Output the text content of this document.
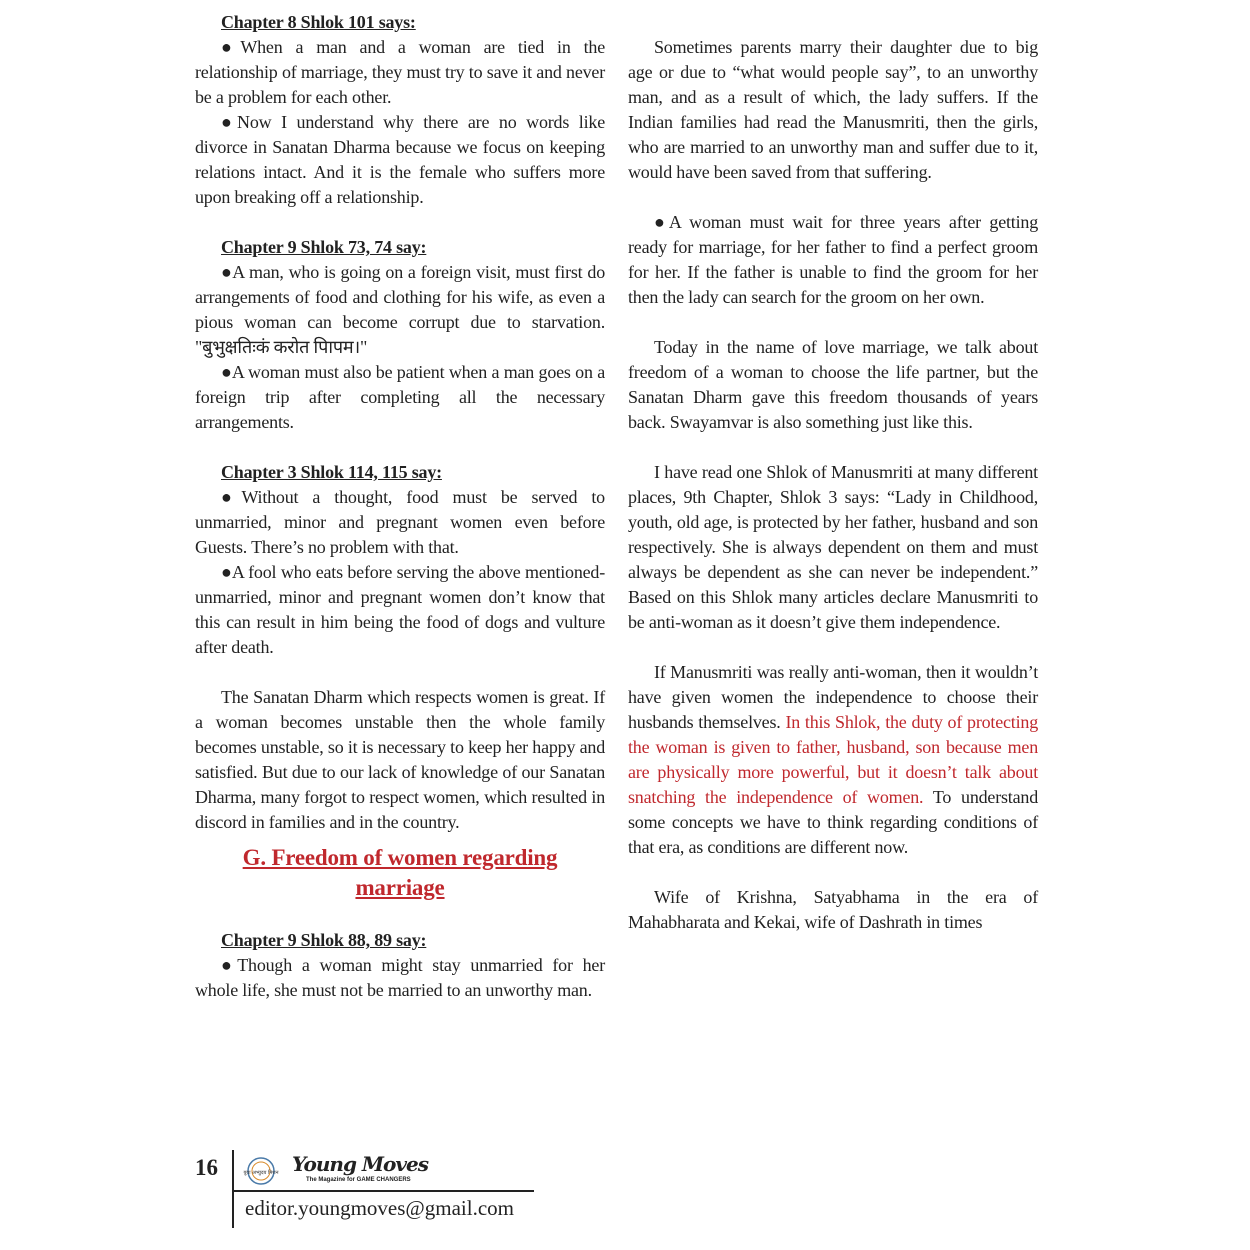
Chapter 8 Shlok 101 says:

●When a man and a woman are tied in the relationship of marriage, they must try to save it and never be a problem for each other.

●Now I understand why there are no words like divorce in Sanatan Dharma because we focus on keeping relations intact. And it is the female who suffers more upon breaking off a relationship.

Chapter 9 Shlok 73, 74 say:

●A man, who is going on a foreign visit, must first do arrangements of food and clothing for his wife, as even a pious woman can become corrupt due to starvation. "बुभुक्षतिःकं करोत पिापम।"

●A woman must also be patient when a man goes on a foreign trip after completing all the necessary arrangements.

Chapter 3 Shlok 114, 115 say:

●Without a thought, food must be served to unmarried, minor and pregnant women even before Guests. There’s no problem with that.

●A fool who eats before serving the above mentioned- unmarried, minor and pregnant women don’t know that this can result in him being the food of dogs and vulture after death.

The Sanatan Dharm which respects women is great. If a woman becomes unstable then the whole family becomes unstable, so it is necessary to keep her happy and satisfied. But due to our lack of knowledge of our Sanatan Dharma, many forgot to respect women, which resulted in discord in families and in the country.

G. Freedom of women regarding
marriage

Chapter 9 Shlok 88, 89 say:

●Though a woman might stay unmarried for her whole life, she must not be married to an unworthy man.

Sometimes parents marry their daughter due to big age or due to “what would people say”, to an unworthy man, and as a result of which, the lady suffers. If the Indian families had read the Manusmriti, then the girls, who are married to an unworthy man and suffer due to it, would have been saved from that suffering.

●A woman must wait for three years after getting ready for marriage, for her father to find a perfect groom for her. If the father is unable to find the groom for her then the lady can search for the groom on her own.

Today in the name of love marriage, we talk about freedom of a woman to choose the life partner, but the Sanatan Dharm gave this freedom thousands of years back. Swayamvar is also something just like this.

I have read one Shlok of Manusmriti at many different places, 9th Chapter, Shlok 3 says: “Lady in Childhood, youth, old age, is protected by her father, husband and son respectively. She is always dependent on them and must always be dependent as she can never be independent.” Based on this Shlok many articles declare Manusmriti to be anti-woman as it doesn’t give them independence.

If Manusmriti was really anti-woman, then it wouldn’t have given women the independence to choose their husbands themselves. In this Shlok, the duty of protecting the woman is given to father, husband, son because men are physically more powerful, but it doesn’t talk about snatching the independence of women. To understand some concepts we have to think regarding conditions of that era, as conditions are different now.

Wife of Krishna, Satyabhama in the era of Mahabharata and Kekai, wife of Dashrath in times

16	युवा अभ्युदय मिशन Young Moves
The Magazine for GAME CHANGERS
editor.youngmoves@gmail.com
